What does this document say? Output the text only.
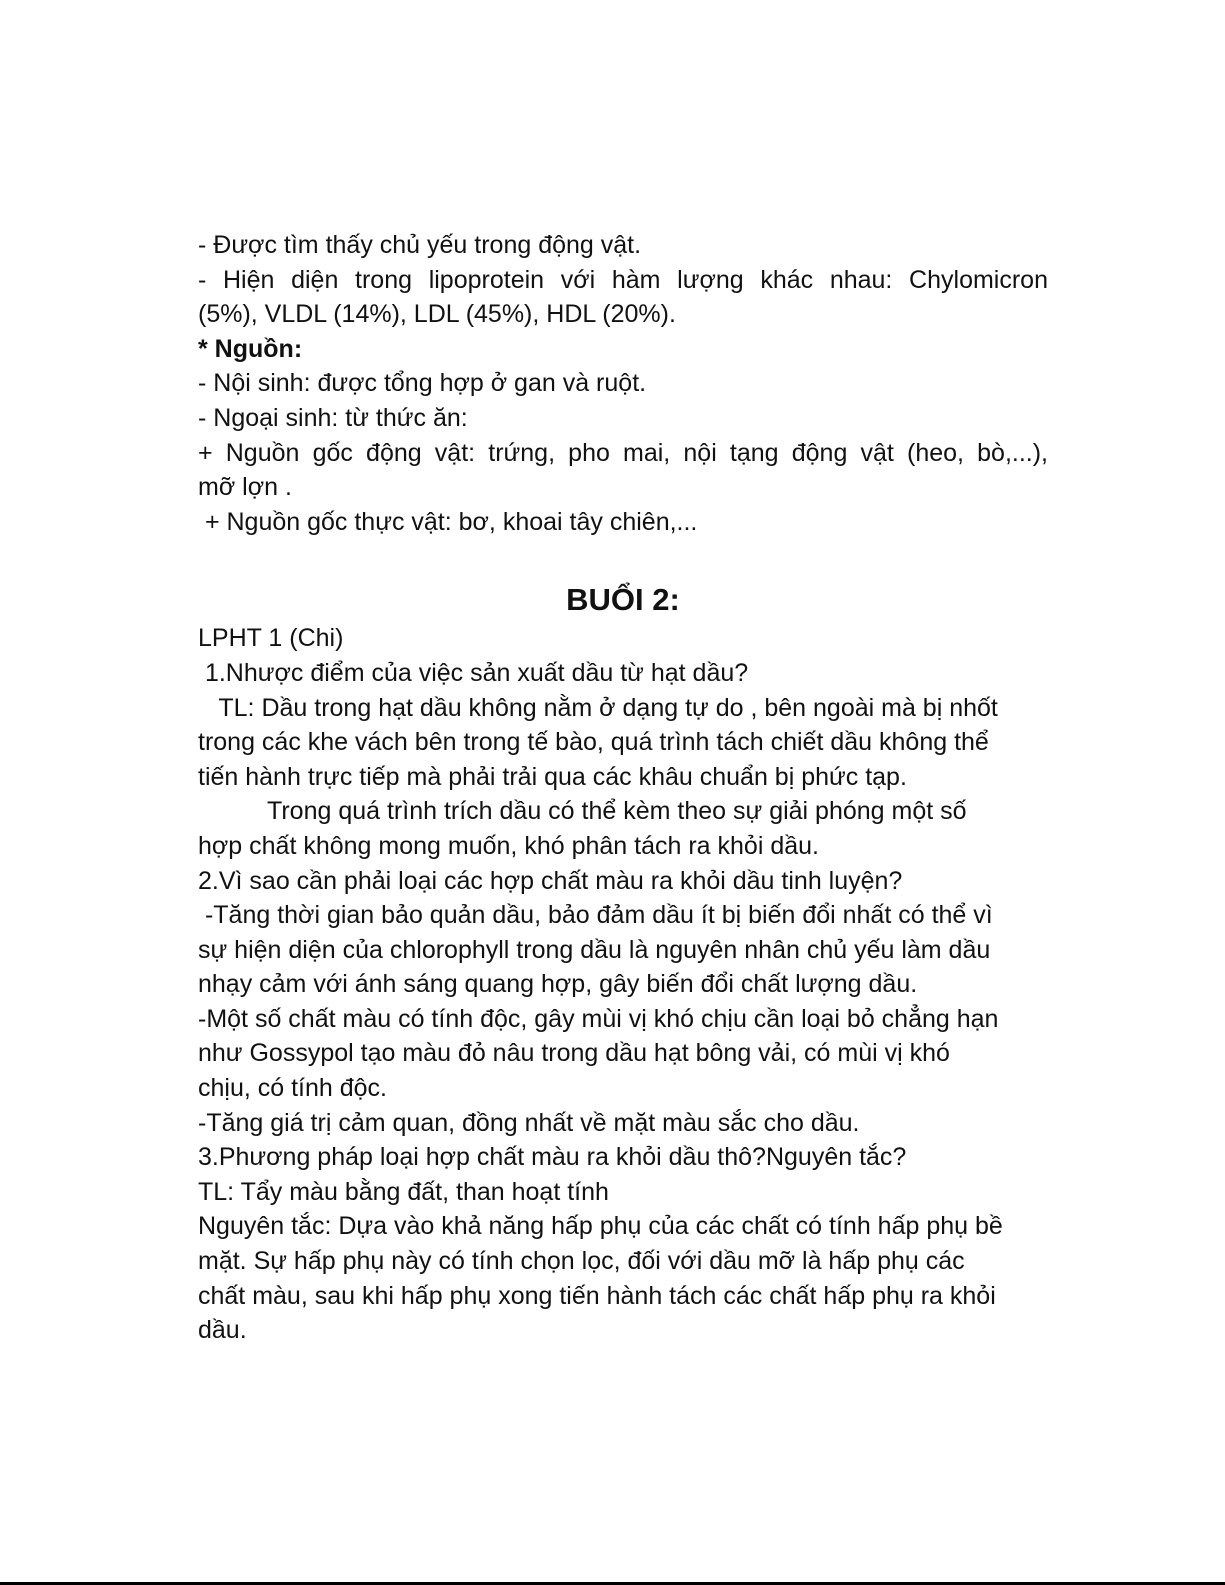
- Được tìm thấy chủ yếu trong động vật.
- Hiện diện trong lipoprotein với hàm lượng khác nhau: Chylomicron
(5%), VLDL (14%), LDL (45%), HDL (20%).
* Nguồn:
- Nội sinh: được tổng hợp ở gan và ruột.
- Ngoại sinh: từ thức ăn:
+ Nguồn gốc động vật: trứng, pho mai, nội tạng động vật (heo, bò,...),
mỡ lợn .
+ Nguồn gốc thực vật: bơ, khoai tây chiên,...
BUỔI 2:
LPHT 1 (Chi)
1.Nhược điểm của việc sản xuất dầu từ hạt dầu?
TL: Dầu trong hạt dầu không nằm ở dạng tự do , bên ngoài mà bị nhốt
trong các khe vách bên trong tế bào, quá trình tách chiết dầu không thể
tiến hành trực tiếp mà phải trải qua các khâu chuẩn bị phức tạp.
Trong quá trình trích dầu có thể kèm theo sự giải phóng một số
hợp chất không mong muốn, khó phân tách ra khỏi dầu.
2.Vì sao cần phải loại các hợp chất màu ra khỏi dầu tinh luyện?
-Tăng thời gian bảo quản dầu, bảo đảm dầu ít bị biến đổi nhất có thể vì
sự hiện diện của chlorophyll trong dầu là nguyên nhân chủ yếu làm dầu
nhạy cảm với ánh sáng quang hợp, gây biến đổi chất lượng dầu.
-Một số chất màu có tính độc, gây mùi vị khó chịu cần loại bỏ chẳng hạn
như Gossypol tạo màu đỏ nâu trong dầu hạt bông vải, có mùi vị khó
chịu, có tính độc.
-Tăng giá trị cảm quan, đồng nhất về mặt màu sắc cho dầu.
3.Phương pháp loại hợp chất màu ra khỏi dầu thô?Nguyên tắc?
TL: Tẩy màu bằng đất, than hoạt tính
Nguyên tắc: Dựa vào khả năng hấp phụ của các chất có tính hấp phụ bề
mặt. Sự hấp phụ này có tính chọn lọc, đối với dầu mỡ là hấp phụ các
chất màu, sau khi hấp phụ xong tiến hành tách các chất hấp phụ ra khỏi
dầu.
